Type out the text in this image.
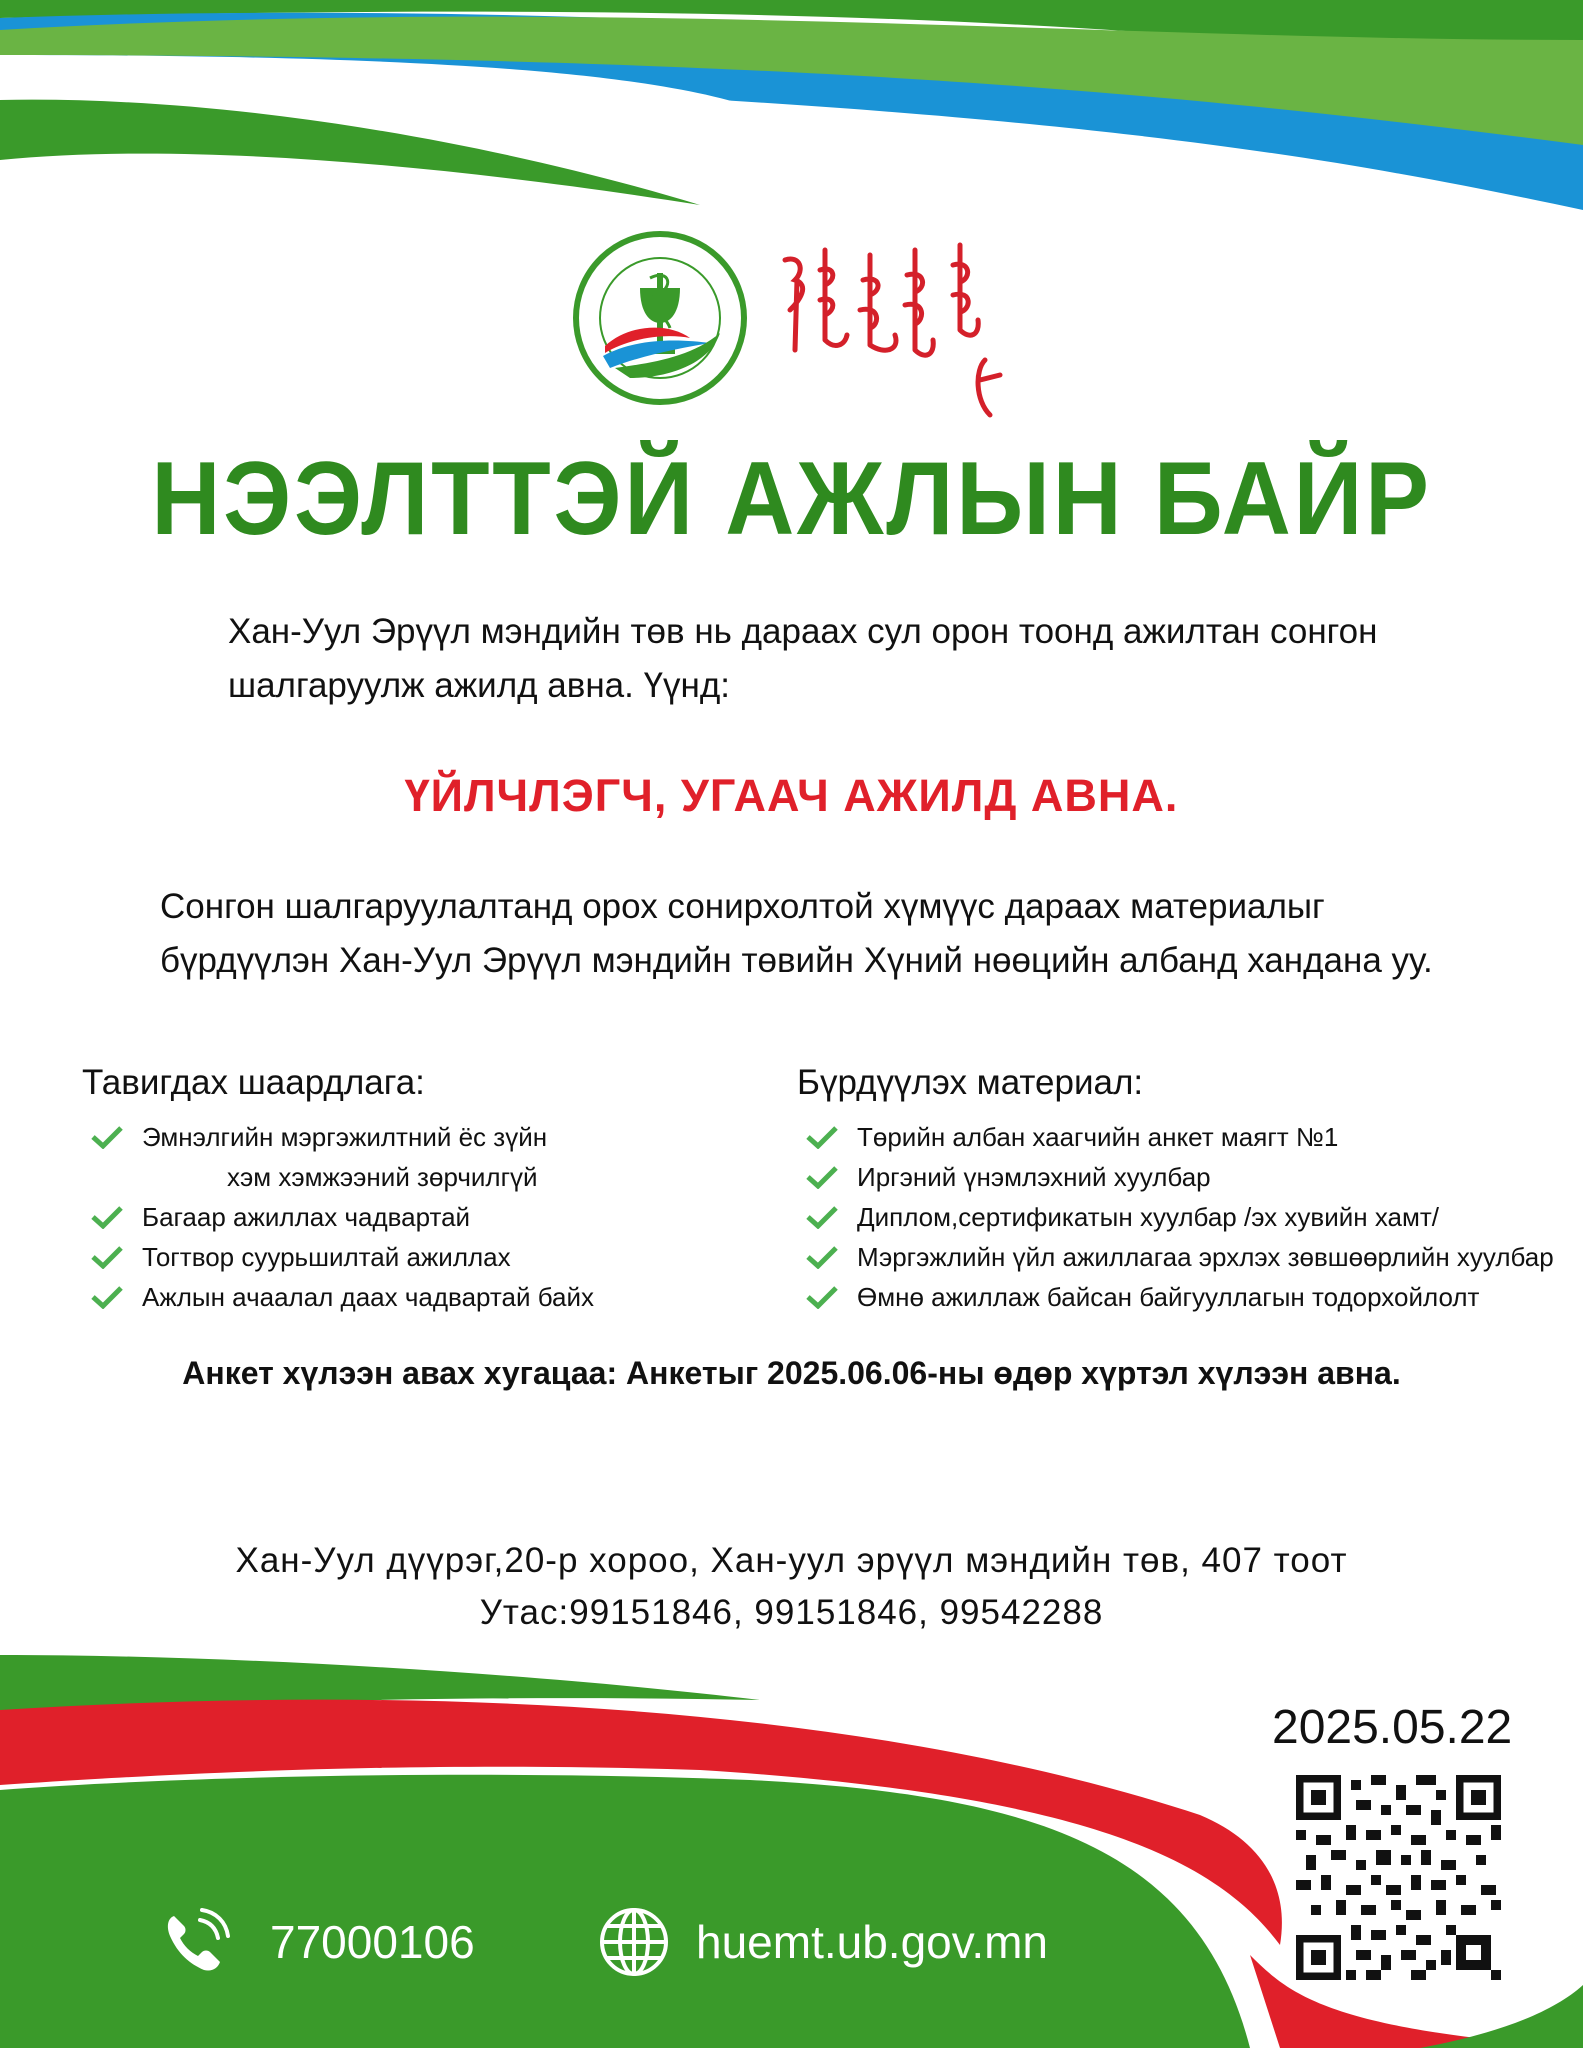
НЭЭЛТТЭЙ АЖЛЫН БАЙР
Хан-Уул Эрүүл мэндийн төв нь дараах сул орон тоонд ажилтан сонгон шалгаруулж ажилд авна. Үүнд:
ҮЙЛЧЛЭГЧ, УГААЧ АЖИЛД АВНА.
Сонгон шалгаруулалтанд орох сонирхолтой хүмүүс дараах материалыг бүрдүүлэн Хан-Уул Эрүүл мэндийн төвийн Хүний нөөцийн албанд хандана уу.
Тавигдах шаардлага:
Эмнэлгийн мэргэжилтний ёс зүйн
хэм хэмжээний зөрчилгүй
Багаар ажиллах чадвартай
Тогтвор суурьшилтай ажиллах
Ажлын ачаалал даах чадвартай байх
Бүрдүүлэх материал:
Төрийн албан хаагчийн анкет маягт №1
Иргэний үнэмлэхний хуулбар
Диплом,сертификатын хуулбар /эх хувийн хамт/
Мэргэжлийн үйл ажиллагаа эрхлэх зөвшөөрлийн хуулбар
Өмнө ажиллаж байсан байгууллагын тодорхойлолт
Анкет хүлээн авах хугацаа: Анкетыг 2025.06.06-ны өдөр хүртэл хүлээн авна.
Хан-Уул дүүрэг,20-р хороо, Хан-уул эрүүл мэндийн төв, 407 тоот
Утас:99151846, 99151846, 99542288
2025.05.22
77000106	huemt.ub.gov.mn
